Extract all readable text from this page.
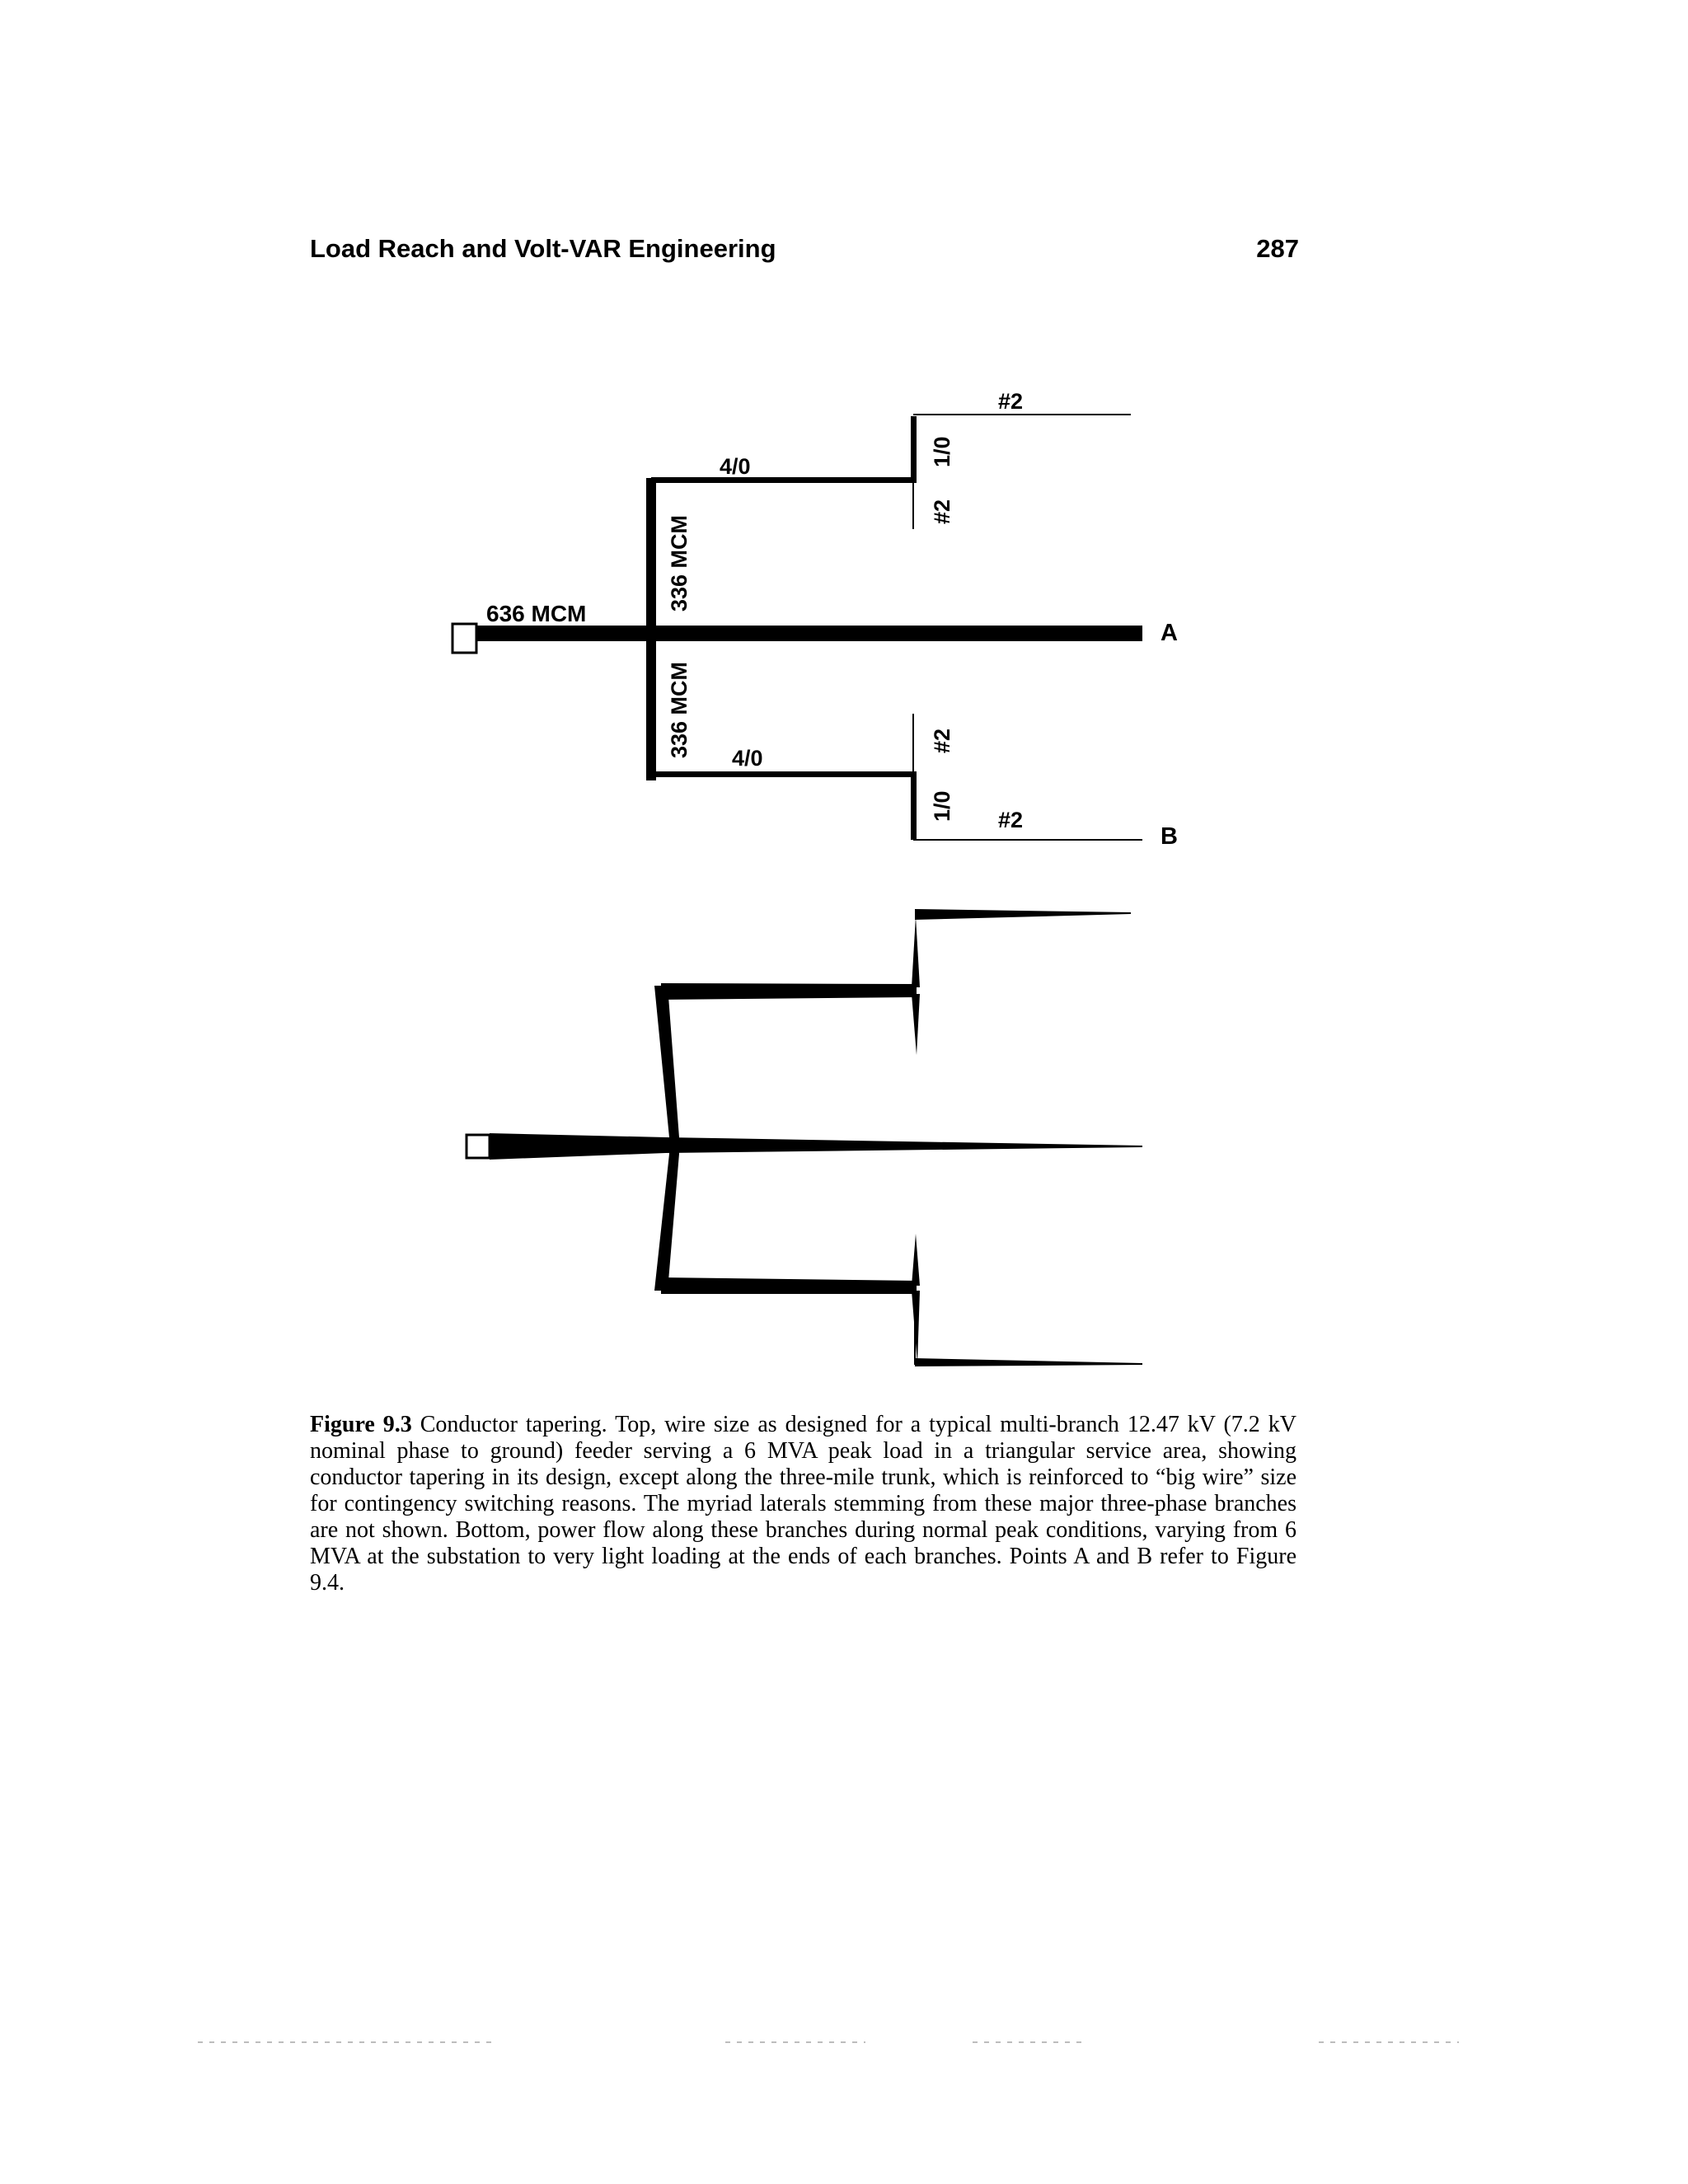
Load Reach and Volt-VAR Engineering	287
636 MCM
336 MCM
336 MCM
4/0
4/0
1/0
#2
#2
#2
1/0 #2
A
B
Figure 9.3 Conductor tapering. Top, wire size as designed for a typical multi-branch 12.47 kV (7.2 kV nominal phase to ground) feeder serving a 6 MVA peak load in a triangular service area, showing conductor tapering in its design, except along the three-mile trunk, which is reinforced to “big wire” size for contingency switching reasons. The myriad laterals stemming from these major three-phase branches are not shown. Bottom, power flow along these branches during normal peak conditions, varying from 6 MVA at the substation to very light loading at the ends of each branches. Points A and B refer to Figure 9.4.
